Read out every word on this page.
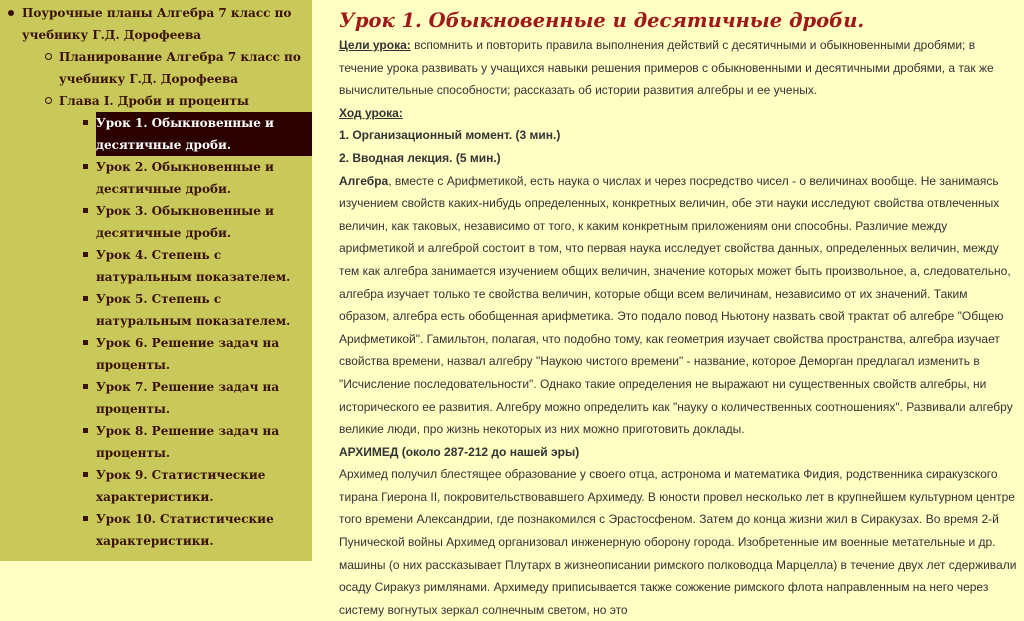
Поурочные планы Алгебра 7 класс по учебнику Г.Д. Дорофеева
Планирование Алгебра 7 класс по учебнику Г.Д. Дорофеева
Глава I. Дроби и проценты
Урок 1. Обыкновенные и десятичные дроби.
Урок 2. Обыкновенные и десятичные дроби.
Урок 3. Обыкновенные и десятичные дроби.
Урок 4. Степень с натуральным показателем.
Урок 5. Степень с натуральным показателем.
Урок 6. Решение задач на проценты.
Урок 7. Решение задач на проценты.
Урок 8. Решение задач на проценты.
Урок 9. Статистические характеристики.
Урок 10. Статистические характеристики.
Урок 1. Обыкновенные и десятичные дроби.

Цели урока: вспомнить и повторить правила выполнения действий с десятичными и обыкновенными дробями; в течение урока развивать у учащихся навыки решения примеров с обыкновенными и десятичными дробями, а так же вычислительные способности; рассказать об истории развития алгебры и ее ученых.

Ход урока:

1. Организационный момент. (3 мин.)

2. Вводная лекция. (5 мин.)

Алгебра, вместе с Арифметикой, есть наука о числах и через посредство чисел - о величинах вообще. Не занимаясь изучением свойств каких-нибудь определенных, конкретных величин, обе эти науки исследуют свойства отвлеченных величин, как таковых, независимо от того, к каким конкретным приложениям они способны. Различие между арифметикой и алгеброй состоит в том, что первая наука исследует свойства данных, определенных величин, между тем как алгебра занимается изучением общих величин, значение которых может быть произвольное, а, следовательно, алгебра изучает только те свойства величин, которые общи всем величинам, независимо от их значений. Таким образом, алгебра есть обобщенная арифметика. Это подало повод Ньютону назвать свой трактат об алгебре "Общею Арифметикой". Гамильтон, полагая, что подобно тому, как геометрия изучает свойства пространства, алгебра изучает свойства времени, назвал алгебру "Наукою чистого времени" - название, которое Деморган предлагал изменить в "Исчисление последовательности". Однако такие определения не выражают ни существенных свойств алгебры, ни исторического ее развития. Алгебру можно определить как "науку о количественных соотношениях". Развивали алгебру великие люди, про жизнь некоторых из них можно приготовить доклады.

АРХИМЕД (около 287-212 до нашей эры)

Архимед получил блестящее образование у своего отца, астронома и математика Фидия, родственника сиракузского тирана Гиерона II, покровительствовавшего Архимеду. В юности провел несколько лет в крупнейшем культурном центре того времени Александрии, где познакомился с Эрастосфеном. Затем до конца жизни жил в Сиракузах. Во время 2-й Пунической войны Архимед организовал инженерную оборону города. Изобретенные им военные метательные и др. машины (о них рассказывает Плутарх в жизнеописании римского полководца Марцелла) в течение двух лет сдерживали осаду Сиракуз римлянами. Архимеду приписывается также сожжение римского флота направленным на него через систему вогнутых зеркал солнечным светом, но это
